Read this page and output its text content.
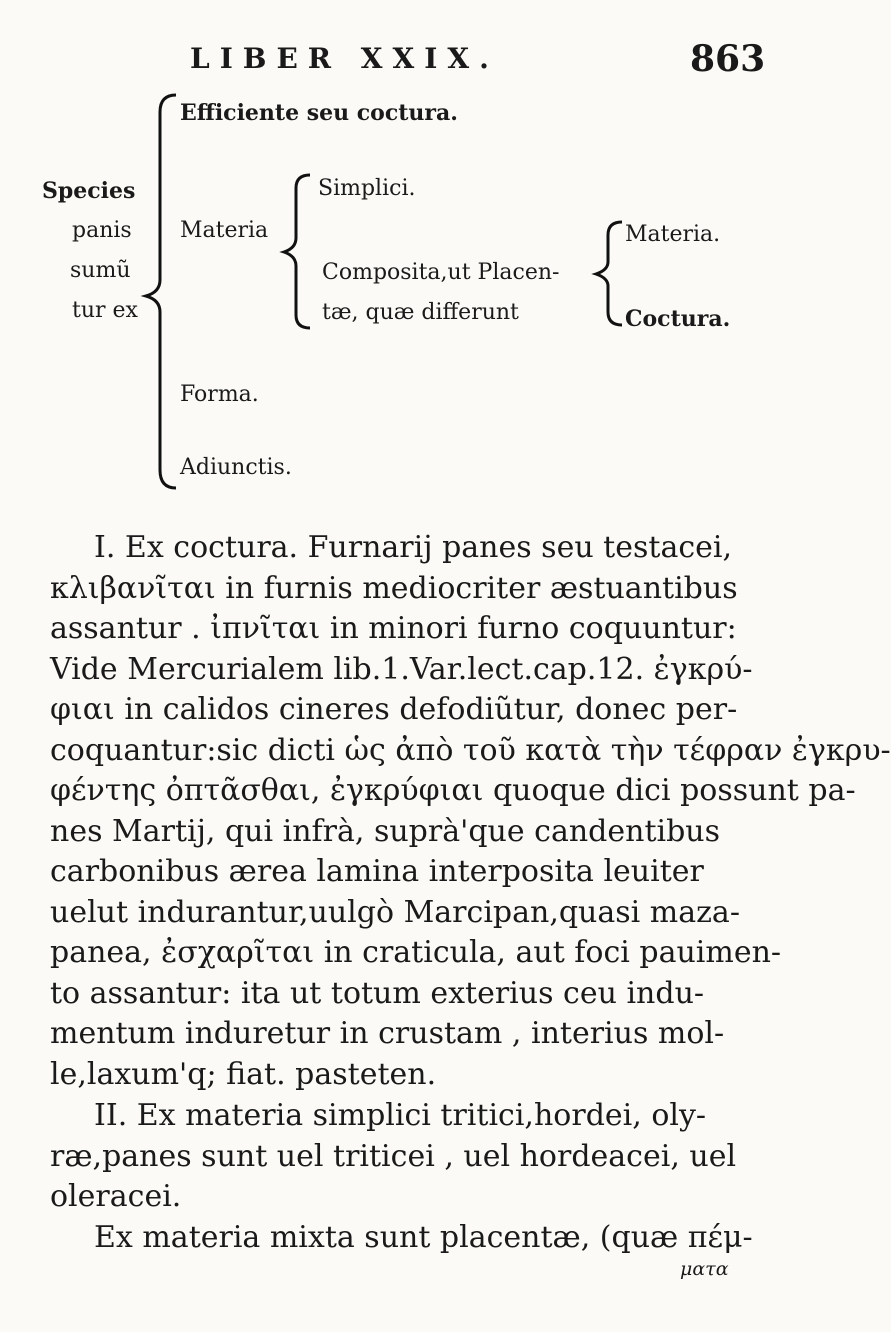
LIBER XXIX.	863
Species
panis
sumũ
tur ex
Efficiente seu coctura.
Materia
Simplici.
Composita,ut Placen-
tæ, quæ differunt
Materia.
Coctura.
Forma.
Adiunctis.
I. Ex coctura. Furnarij panes seu testacei,
κλιβανῖται in furnis mediocriter æstuantibus
assantur . ἰπνῖται in minori furno coquuntur:
Vide Mercurialem lib.1.Var.lect.cap.12. ἐγκρύ-
φιαι in calidos cineres defodiũtur, donec per-
coquantur:sic dicti ὡς ἀπὸ τοῦ κατὰ τὴν τέφραν ἐγκρυ-
φέντης ὀπτᾶσθαι, ἐγκρύφιαι quoque dici possunt pa-
nes Martij, qui infrà, suprà'que candentibus
carbonibus ærea lamina interposita leuiter
uelut indurantur,uulgò Marcipan,quasi maza-
panea, ἐσχαρῖται in craticula, aut foci pauimen-
to assantur: ita ut totum exterius ceu indu-
mentum induretur in crustam , interius mol-
le,laxum'q; fiat. pasteten.
II. Ex materia simplici tritici,hordei, oly-
ræ,panes sunt uel triticei , uel hordeacei, uel
oleracei.
Ex materia mixta sunt placentæ, (quæ πέμ-
ματα
